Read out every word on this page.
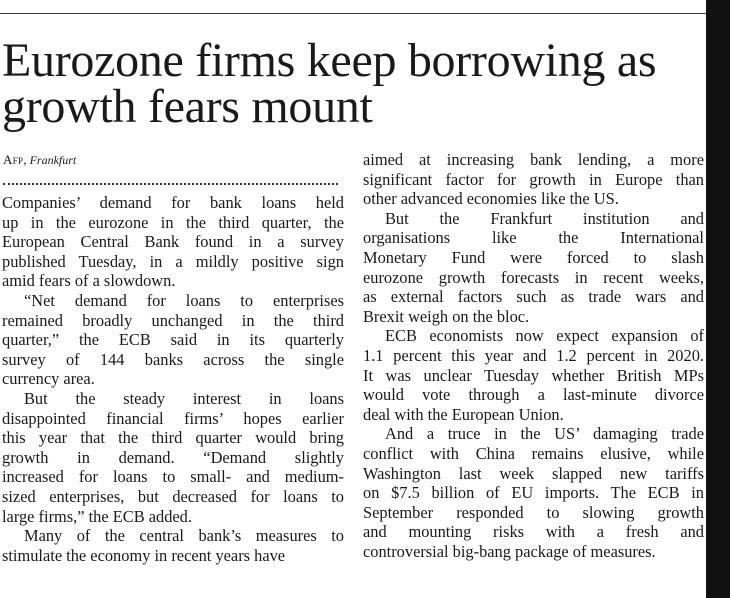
Eurozone firms keep borrowing as growth fears mount
Afp, Frankfurt

Companies’ demand for bank loans held
up in the eurozone in the third quarter, the
European Central Bank found in a survey
published Tuesday, in a mildly positive sign
amid fears of a slowdown.

“Net demand for loans to enterprises
remained broadly unchanged in the third
quarter,” the ECB said in its quarterly
survey of 144 banks across the single
currency area.

But the steady interest in loans
disappointed financial firms’ hopes earlier
this year that the third quarter would bring
growth in demand. “Demand slightly
increased for loans to small- and medium-
sized enterprises, but decreased for loans to
large firms,” the ECB added.

Many of the central bank’s measures to
stimulate the economy in recent years have

aimed at increasing bank lending, a more
significant factor for growth in Europe than
other advanced economies like the US.

But the Frankfurt institution and
organisations like the International
Monetary Fund were forced to slash
eurozone growth forecasts in recent weeks,
as external factors such as trade wars and
Brexit weigh on the bloc.

ECB economists now expect expansion of
1.1 percent this year and 1.2 percent in 2020.
It was unclear Tuesday whether British MPs
would vote through a last-minute divorce
deal with the European Union.

And a truce in the US’ damaging trade
conflict with China remains elusive, while
Washington last week slapped new tariffs
on $7.5 billion of EU imports. The ECB in
September responded to slowing growth
and mounting risks with a fresh and
controversial big-bang package of measures.
